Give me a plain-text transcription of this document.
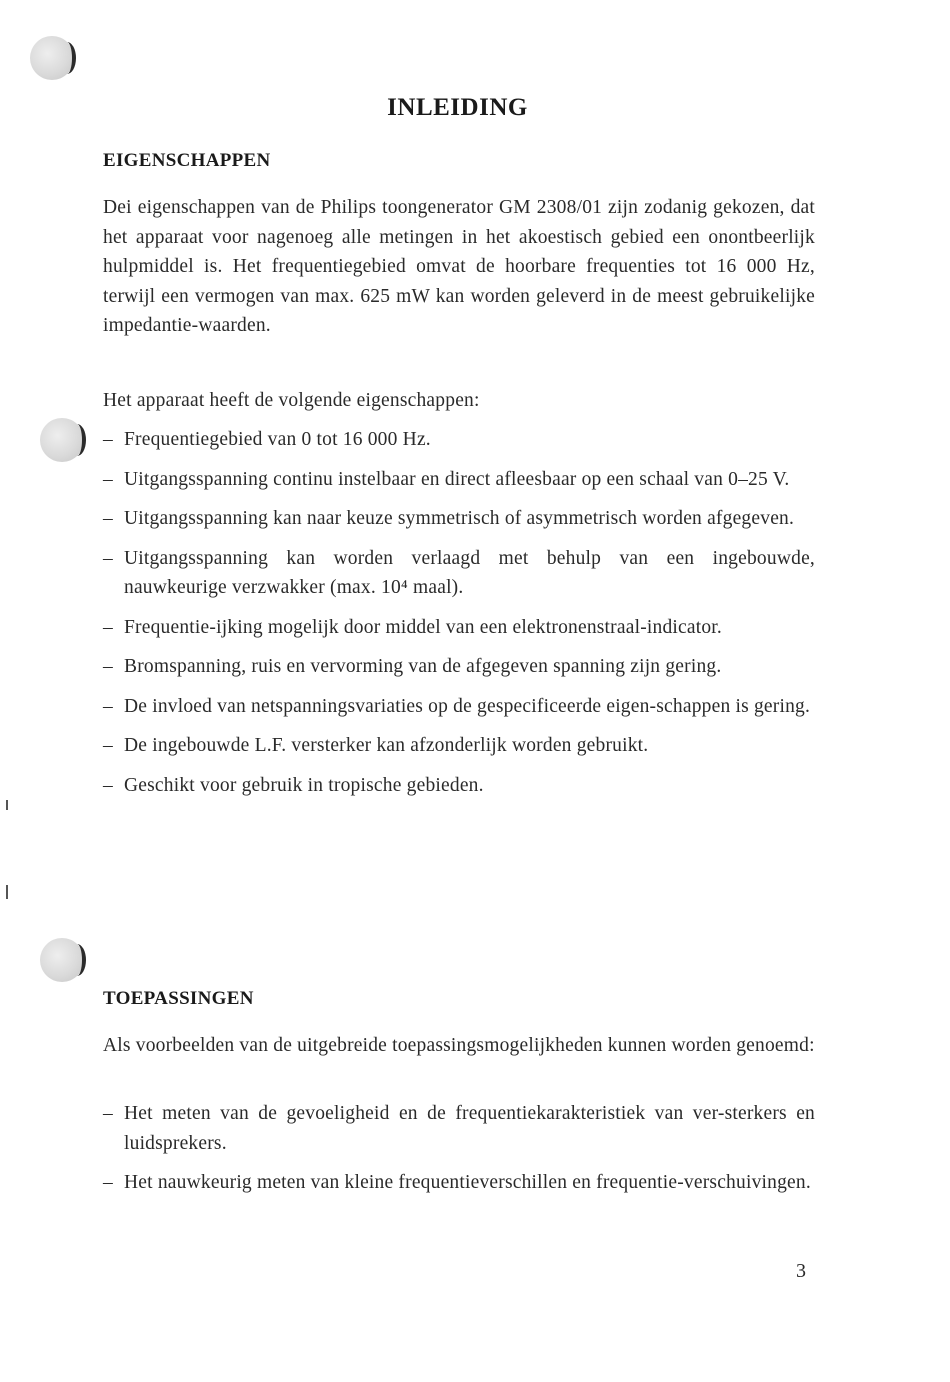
INLEIDING
EIGENSCHAPPEN

Dei eigenschappen van de Philips toongenerator GM 2308/01 zijn zodanig gekozen, dat het apparaat voor nagenoeg alle metingen in het akoestisch gebied een onontbeerlijk hulpmiddel is. Het frequentiegebied omvat de hoorbare frequenties tot 16 000 Hz, terwijl een vermogen van max. 625 mW kan worden geleverd in de meest gebruikelijke impedantie-waarden.

Het apparaat heeft de volgende eigenschappen:

– Frequentiegebied van 0 tot 16 000 Hz.
– Uitgangsspanning continu instelbaar en direct afleesbaar op een schaal van 0–25 V.
– Uitgangsspanning kan naar keuze symmetrisch of asymmetrisch worden afgegeven.
– Uitgangsspanning kan worden verlaagd met behulp van een ingebouwde, nauwkeurige verzwakker (max. 10⁴ maal).
– Frequentie-ijking mogelijk door middel van een elektronenstraal-indicator.
– Bromspanning, ruis en vervorming van de afgegeven spanning zijn gering.
– De invloed van netspanningsvariaties op de gespecificeerde eigen-schappen is gering.
– De ingebouwde L.F. versterker kan afzonderlijk worden gebruikt.
– Geschikt voor gebruik in tropische gebieden.
TOEPASSINGEN

Als voorbeelden van de uitgebreide toepassingsmogelijkheden kunnen worden genoemd:

– Het meten van de gevoeligheid en de frequentiekarakteristiek van ver-sterkers en luidsprekers.
– Het nauwkeurig meten van kleine frequentieverschillen en frequentie-verschuivingen.

3
